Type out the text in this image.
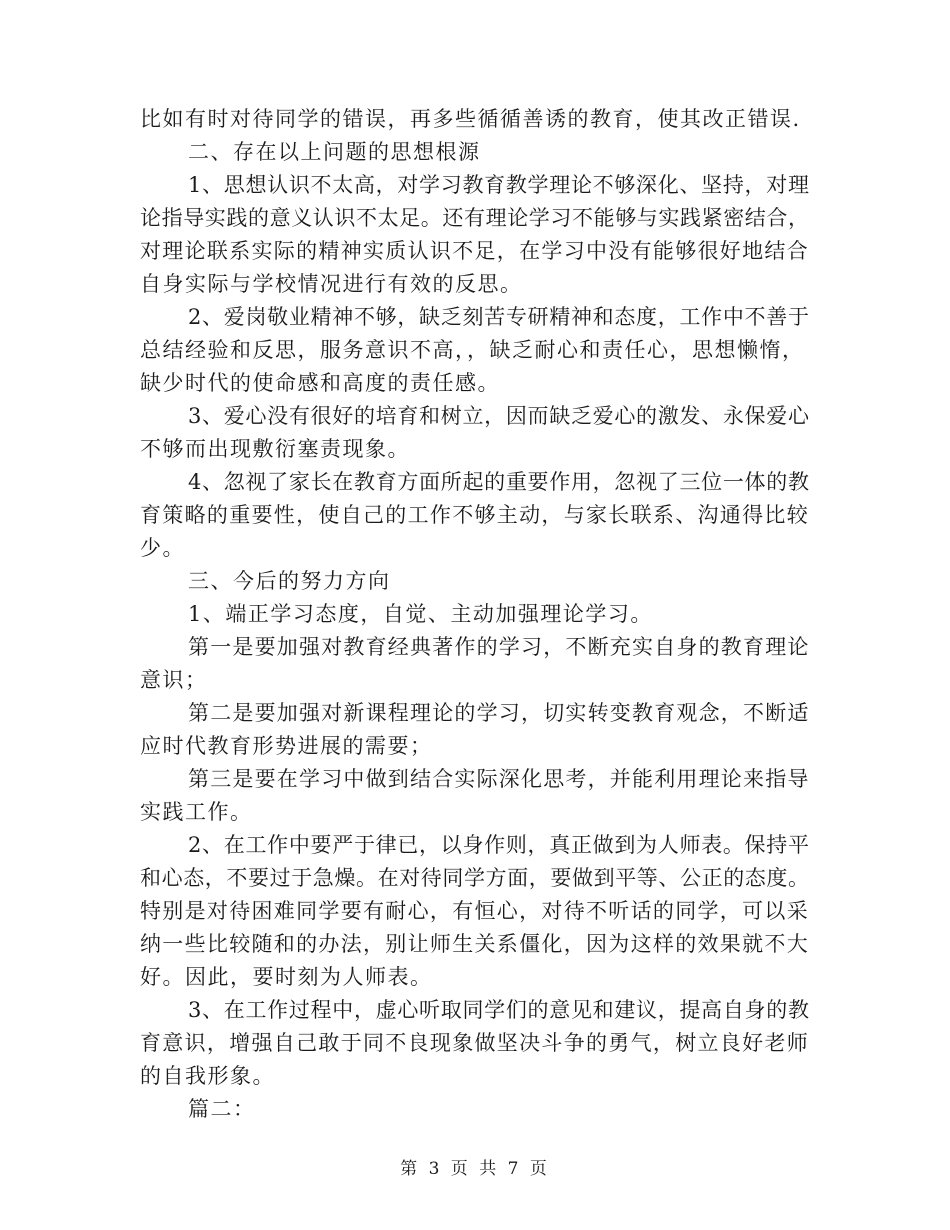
比如有时对待同学的错误，再多些循循善诱的教育，使其改正错误.
二、存在以上问题的思想根源
1、思想认识不太高，对学习教育教学理论不够深化、坚持，对理
论指导实践的意义认识不太足。还有理论学习不能够与实践紧密结合，
对理论联系实际的精神实质认识不足，在学习中没有能够很好地结合
自身实际与学校情况进行有效的反思。
2、爱岗敬业精神不够，缺乏刻苦专研精神和态度，工作中不善于
总结经验和反思，服务意识不高，，缺乏耐心和责任心，思想懒惰，
缺少时代的使命感和高度的责任感。
3、爱心没有很好的培育和树立，因而缺乏爱心的激发、永保爱心
不够而出现敷衍塞责现象。
4、忽视了家长在教育方面所起的重要作用，忽视了三位一体的教
育策略的重要性，使自己的工作不够主动，与家长联系、沟通得比较
少。
三、今后的努力方向
1、端正学习态度，自觉、主动加强理论学习。
第一是要加强对教育经典著作的学习，不断充实自身的教育理论
意识；
第二是要加强对新课程理论的学习，切实转变教育观念，不断适
应时代教育形势进展的需要；
第三是要在学习中做到结合实际深化思考，并能利用理论来指导
实践工作。
2、在工作中要严于律已，以身作则，真正做到为人师表。保持平
和心态，不要过于急燥。在对待同学方面，要做到平等、公正的态度。
特别是对待困难同学要有耐心，有恒心，对待不听话的同学，可以采
纳一些比较随和的办法，别让师生关系僵化，因为这样的效果就不大
好。因此，要时刻为人师表。
3、在工作过程中，虚心听取同学们的意见和建议，提高自身的教
育意识，增强自己敢于同不良现象做坚决斗争的勇气，树立良好老师
的自我形象。
篇二：
第 3 页 共 7 页
